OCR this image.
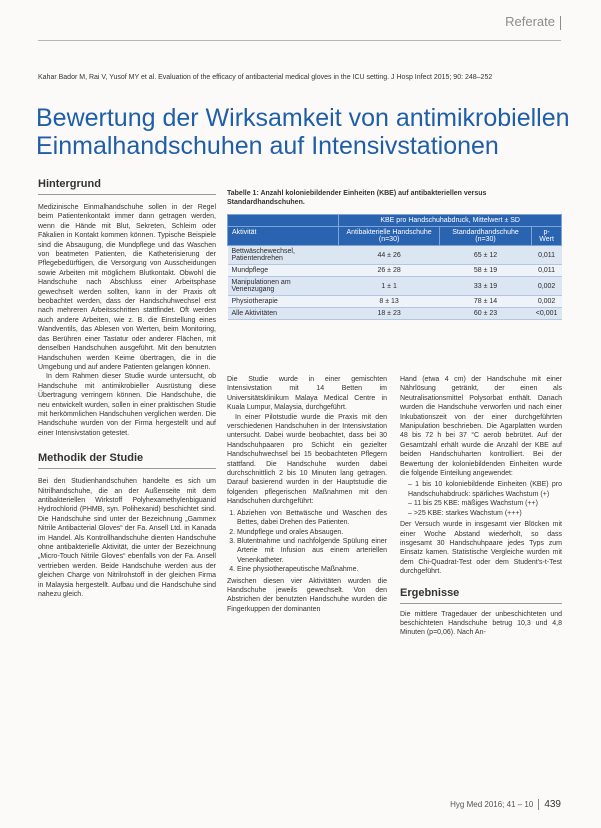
Referate
Kahar Bador M, Rai V, Yusof MY et al. Evaluation of the efficacy of antibacterial medical gloves in the ICU setting. J Hosp Infect 2015; 90: 248–252
Bewertung der Wirksamkeit von antimikrobiellen Einmalhandschuhen auf Intensivstationen
Hintergrund

Medizinische Einmalhandschuhe sollen in der Regel beim Patientenkontakt immer dann getragen werden, wenn die Hände mit Blut, Sekreten, Schleim oder Fäkalien in Kontakt kommen können. Typische Beispiele sind die Absaugung, die Mundpflege und das Waschen von beatmeten Patienten, die Katheterisierung der Pflegebedürftigen, die Versorgung von Ausscheidungen sowie Arbeiten mit möglichem Blutkontakt. Obwohl die Handschuhe nach Abschluss einer Arbeitsphase gewechselt werden sollten, kann in der Praxis oft beobachtet werden, dass der Handschuhwechsel erst nach mehreren Arbeitsschritten stattfindet. Oft werden auch andere Arbeiten, wie z. B. die Einstellung eines Wandventils, das Ablesen von Werten, beim Monitoring, das Berühren einer Tastatur oder anderer Flächen, mit denselben Handschuhen ausgeführt. Mit den benutzten Handschuhen werden Keime übertragen, die in die Umgebung und auf andere Patienten gelangen können.

In dem Rahmen dieser Studie wurde untersucht, ob Handschuhe mit antimikrobieller Ausrüstung diese Übertragung verringern können. Die Handschuhe, die neu entwickelt wurden, sollen in einer praktischen Studie mit herkömmlichen Handschuhen verglichen werden. Die Handschuhe wurden von der Firma hergestellt und auf einer Intensivstation getestet.

Methodik der Studie

Bei den Studienhandschuhen handelte es sich um Nitrilhandschuhe, die an der Außenseite mit dem antibakteriellen Wirkstoff Polyhexamethylenbiguanid Hydrochlorid (PHMB, syn. Polihexanid) beschichtet sind. Die Handschuhe sind unter der Bezeichnung „Gammex Nitrile Antibacterial Gloves“ der Fa. Ansell Ltd. in Kanada im Handel. Als Kontrollhandschuhe dienten Handschuhe ohne antibakterielle Aktivität, die unter der Bezeichnung „Micro-Touch Nitrile Gloves“ ebenfalls von der Fa. Ansell vertrieben werden. Beide Handschuhe werden aus der gleichen Charge von Nitrilrohstoff in der gleichen Firma in Malaysia hergestellt. Aufbau und die Handschuhe sind nahezu gleich.

Tabelle 1: Anzahl koloniebildender Einheiten (KBE) auf antibakteriellen versus Standardhandschuhen.
	KBE pro Handschuhabdruck, Mittelwert ± SD		
Aktivität	Antibakterielle Handschuhe (n=30)	Standardhandschuhe (n=30)	p-Wert
Bettwäschewechsel, Patientendrehen	44 ± 26	65 ± 12	0,011
Mundpflege	26 ± 28	58 ± 19	0,011
Manipulationen am Venenzugang	1 ± 1	33 ± 19	0,002
Physiotherapie	8 ± 13	78 ± 14	0,002
Alle Aktivitäten	18 ± 23	60 ± 23	<0,001

Die Studie wurde in einer gemischten Intensivstation mit 14 Betten im Universitätsklinikum Malaya Medical Centre in Kuala Lumpur, Malaysia, durchgeführt.

In einer Pilotstudie wurde die Praxis mit den verschiedenen Handschuhen in der Intensivstation untersucht. Dabei wurde beobachtet, dass bei 30 Handschuhpaaren pro Schicht ein gezielter Handschuhwechsel bei 15 beobachteten Pflegern stattfand. Die Handschuhe wurden dabei durchschnittlich 2 bis 10 Minuten lang getragen. Darauf basierend wurden in der Hauptstudie die folgenden pflegerischen Maßnahmen mit den Handschuhen durchgeführt:

1. Abziehen von Bettwäsche und Waschen des Bettes, dabei Drehen des Patienten.
2. Mundpflege und orales Absaugen.
3. Blutentnahme und nachfolgende Spülung einer Arterie mit Infusion aus einem arteriellen Venenkatheter.
4. Eine physiotherapeutische Maßnahme.

Zwischen diesen vier Aktivitäten wurden die Handschuhe jeweils gewechselt. Von den Abstrichen der benutzten Handschuhe wurden die Fingerkuppen der dominanten

Hand (etwa 4 cm) der Handschuhe mit einer Nährlösung getränkt, der einen als Neutralisationsmittel Polysorbat enthält. Danach wurden die Handschuhe verworfen und nach einer Inkubationszeit von der einer durchgeführten Manipulation beschrieben. Die Agarplatten wurden 48 bis 72 h bei 37 °C aerob bebrütet. Auf der Gesamtzahl erhält wurde die Anzahl der KBE auf beiden Handschuharten kontrolliert. Bei der Bewertung der koloniebildenden Einheiten wurde die folgende Einteilung angewendet:

– 1 bis 10 koloniebildende Einheiten (KBE) pro Handschuhabdruck: spärliches Wachstum (+)
– 11 bis 25 KBE: mäßiges Wachstum (++)
– >25 KBE: starkes Wachstum (+++)

Der Versuch wurde in insgesamt vier Blöcken mit einer Woche Abstand wiederholt, so dass insgesamt 30 Handschuhpaare jedes Typs zum Einsatz kamen. Statistische Vergleiche wurden mit dem Chi-Quadrat-Test oder dem Student's-t-Test durchgeführt.

Ergebnisse

Die mittlere Tragedauer der unbeschichteten und beschichteten Handschuhe betrug 10,3 und 4,8 Minuten (p=0,06). Nach An-

Hyg Med 2016; 41 – 10 439
